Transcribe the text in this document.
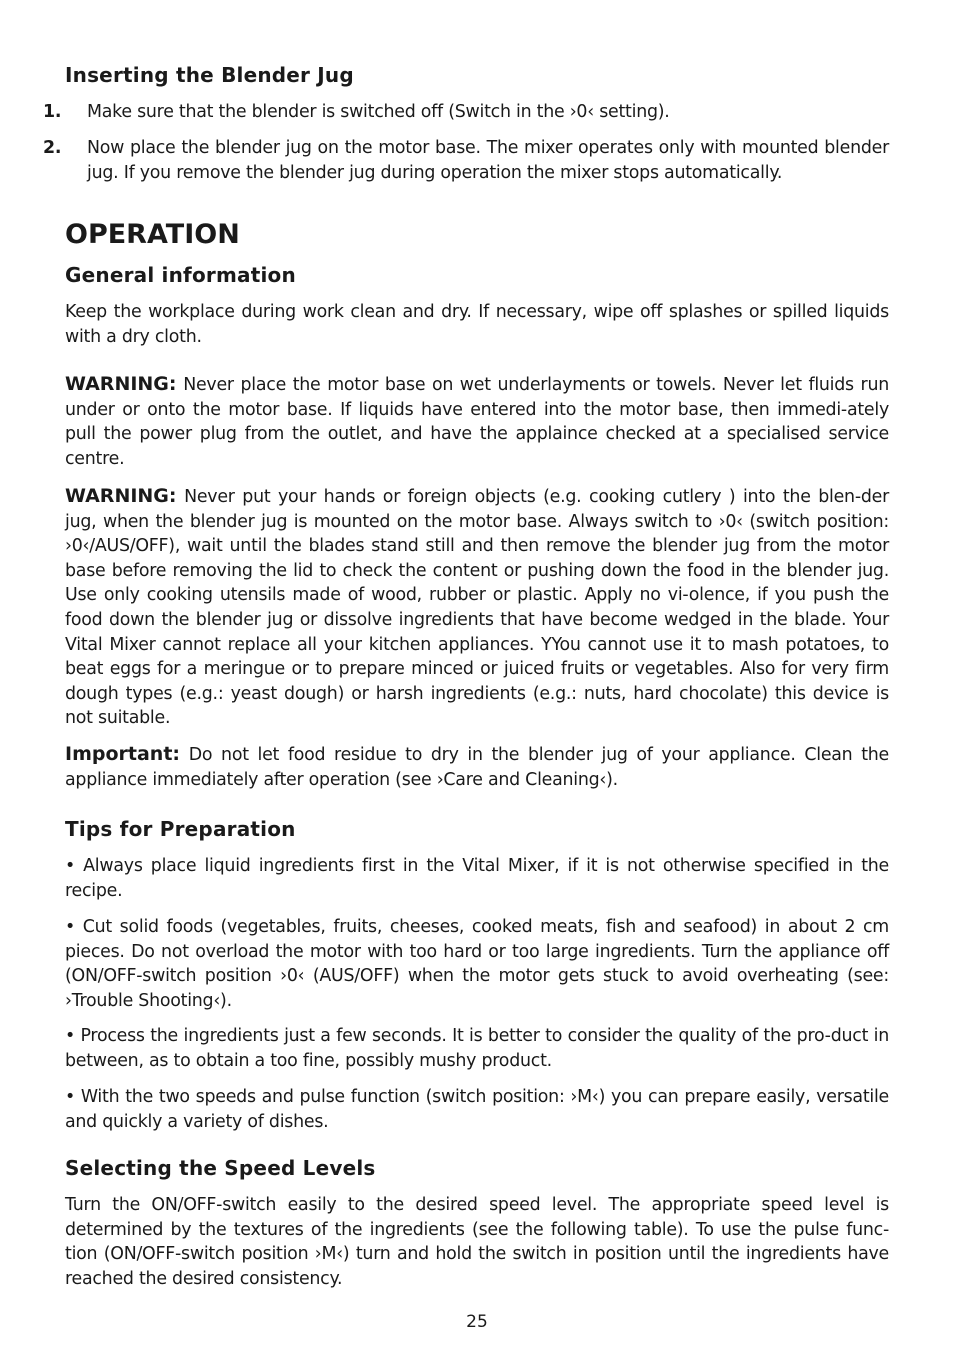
Inserting the Blender Jug

1. Make sure that the blender is switched off (Switch in the ›0‹ setting).

2. Now place the blender jug on the motor base. The mixer operates only with mounted blender jug. If you remove the blender jug during operation the mixer stops automatically.

OPERATION
General information

Keep the workplace during work clean and dry. If necessary, wipe off splashes or spilled liquids with a dry cloth.

WARNING: Never place the motor base on wet underlayments or towels. Never let fluids run under or onto the motor base. If liquids have entered into the motor base, then immedi-ately pull the power plug from the outlet, and have the applaince checked at a specialised service centre.

WARNING: Never put your hands or foreign objects (e.g. cooking cutlery ) into the blen-der jug, when the blender jug is mounted on the motor base. Always switch to ›0‹ (switch position: ›0‹/AUS/OFF), wait until the blades stand still and then remove the blender jug from the motor base before removing the lid to check the content or pushing down the food in the blender jug. Use only cooking utensils made of wood, rubber or plastic. Apply no vi-olence, if you push the food down the blender jug or dissolve ingredients that have become wedged in the blade. Your Vital Mixer cannot replace all your kitchen appliances. YYou cannot use it to mash potatoes, to beat eggs for a meringue or to prepare minced or juiced fruits or vegetables. Also for very firm dough types (e.g.: yeast dough) or harsh ingredients (e.g.: nuts, hard chocolate) this device is not suitable.

Important: Do not let food residue to dry in the blender jug of your appliance. Clean the appliance immediately after operation (see ›Care and Cleaning‹).

Tips for Preparation

• Always place liquid ingredients first in the Vital Mixer, if it is not otherwise specified in the recipe.

• Cut solid foods (vegetables, fruits, cheeses, cooked meats, fish and seafood) in about 2 cm pieces. Do not overload the motor with too hard or too large ingredients. Turn the appliance off (ON/OFF-switch position ›0‹ (AUS/OFF) when the motor gets stuck to avoid overheating (see: ›Trouble Shooting‹).

• Process the ingredients just a few seconds. It is better to consider the quality of the pro-duct in between, as to obtain a too fine, possibly mushy product.

• With the two speeds and pulse function (switch position: ›M‹) you can prepare easily, versatile and quickly a variety of dishes.

Selecting the Speed Levels

Turn the ON/OFF-switch easily to the desired speed level. The appropriate speed level is determined by the textures of the ingredients (see the following table). To use the pulse func-tion (ON/OFF-switch position ›M‹) turn and hold the switch in position until the ingredients have reached the desired consistency.

25
